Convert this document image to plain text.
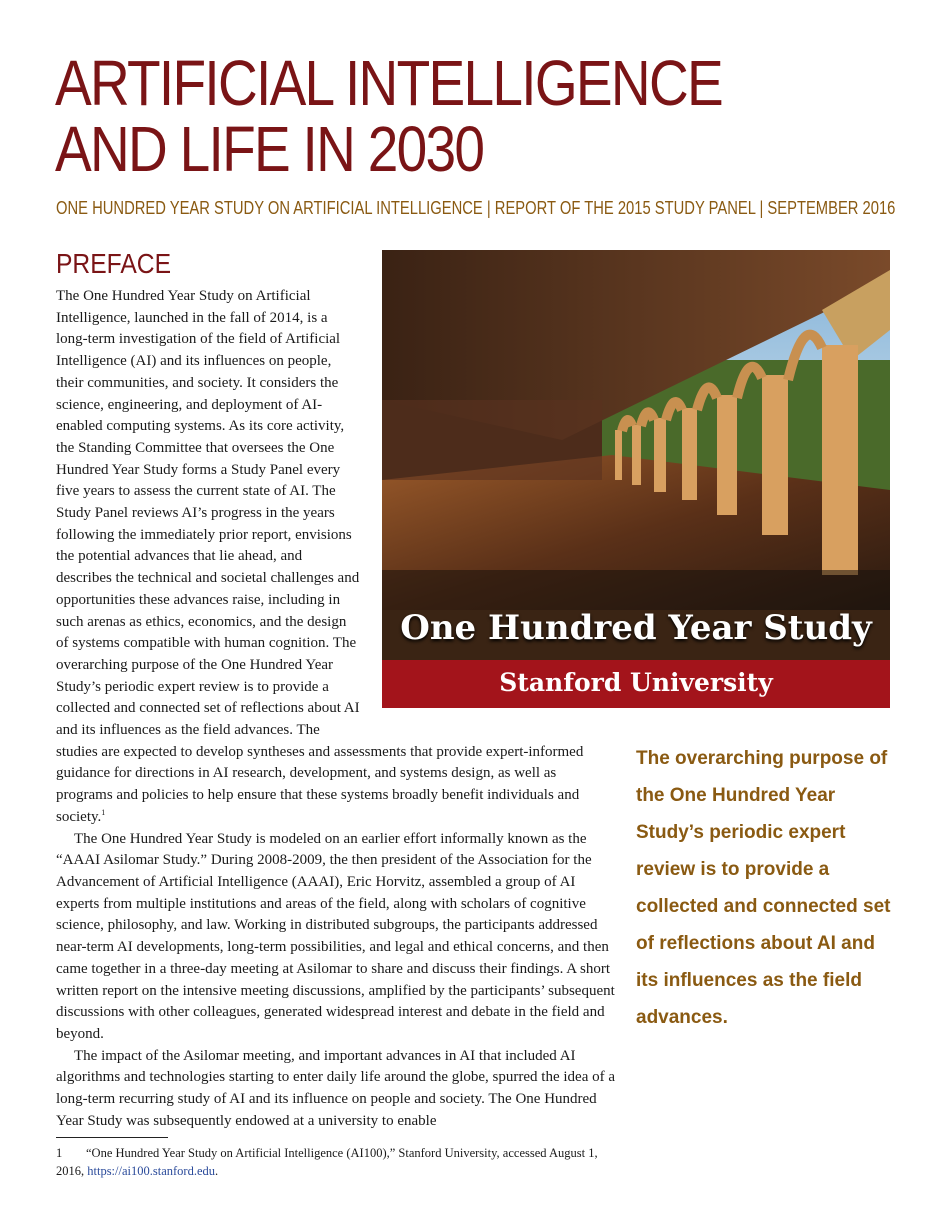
ARTIFICIAL INTELLIGENCE
AND LIFE IN 2030
ONE HUNDRED YEAR STUDY ON ARTIFICIAL INTELLIGENCE | REPORT OF THE 2015 STUDY PANEL | SEPTEMBER 2016
PREFACE

The One Hundred Year Study on Artificial Intelligence, launched in the fall of 2014, is a long-term investigation of the field of Artificial Intelligence (AI) and its influences on people, their communities, and society. It considers the science, engineering, and deployment of AI-enabled computing systems. As its core activity, the Standing Committee that oversees the One Hundred Year Study forms a Study Panel every five years to assess the current state of AI. The Study Panel reviews AI’s progress in the years following the immediately prior report, envisions the potential advances that lie ahead, and describes the technical and societal challenges and opportunities these advances raise, including in such arenas as ethics, economics, and the design of systems compatible with human cognition. The overarching purpose of the One Hundred Year Study’s periodic expert review is to provide a collected and connected set of reflections about AI and its influences as the field advances. The studies are expected to develop syntheses and assessments that provide expert-informed guidance for directions in AI research, development, and systems design, as well as programs and policies to help ensure that these systems broadly benefit individuals and society.$^1$

The One Hundred Year Study is modeled on an earlier effort informally known as the “AAAI Asilomar Study.” During 2008-2009, the then president of the Association for the Advancement of Artificial Intelligence (AAAI), Eric Horvitz, assembled a group of AI experts from multiple institutions and areas of the field, along with scholars of cognitive science, philosophy, and law. Working in distributed subgroups, the participants addressed near-term AI developments, long-term possibilities, and legal and ethical concerns, and then came together in a three-day meeting at Asilomar to share and discuss their findings. A short written report on the intensive meeting discussions, amplified by the participants’ subsequent discussions with other colleagues, generated widespread interest and debate in the field and beyond.

The impact of the Asilomar meeting, and important advances in AI that included AI algorithms and technologies starting to enter daily life around the globe, spurred the idea of a long-term recurring study of AI and its influence on people and society. The One Hundred Year Study was subsequently endowed at a university to enable

One Hundred Year Study
Stanford University
The overarching purpose of the One Hundred Year Study’s periodic expert review is to provide a collected and connected set of reflections about AI and its influences as the field advances.
1 “One Hundred Year Study on Artificial Intelligence (AI100),” Stanford University, accessed August 1, 2016, https://ai100.stanford.edu.
